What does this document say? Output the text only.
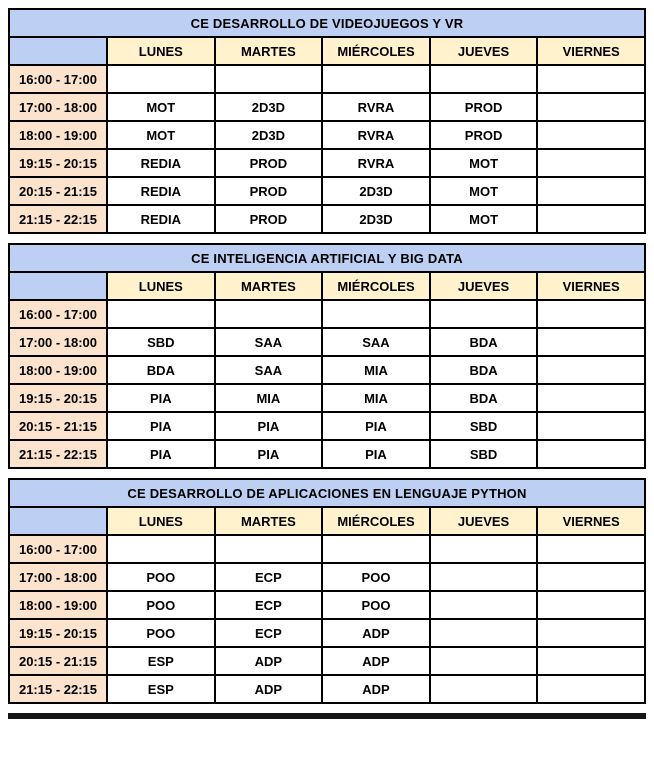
CE DESARROLLO DE VIDEOJUEGOS Y VR					
	LUNES	MARTES	MIÉRCOLES	JUEVES	VIERNES
16:00 - 17:00					
17:00 - 18:00	MOT	2D3D	RVRA	PROD	
18:00 - 19:00	MOT	2D3D	RVRA	PROD	
19:15 - 20:15	REDIA	PROD	RVRA	MOT	
20:15 - 21:15	REDIA	PROD	2D3D	MOT	
21:15 - 22:15	REDIA	PROD	2D3D	MOT	
CE INTELIGENCIA ARTIFICIAL Y BIG DATA					
	LUNES	MARTES	MIÉRCOLES	JUEVES	VIERNES
16:00 - 17:00					
17:00 - 18:00	SBD	SAA	SAA	BDA	
18:00 - 19:00	BDA	SAA	MIA	BDA	
19:15 - 20:15	PIA	MIA	MIA	BDA	
20:15 - 21:15	PIA	PIA	PIA	SBD	
21:15 - 22:15	PIA	PIA	PIA	SBD	
CE DESARROLLO DE APLICACIONES EN LENGUAJE PYTHON					
	LUNES	MARTES	MIÉRCOLES	JUEVES	VIERNES
16:00 - 17:00					
17:00 - 18:00	POO	ECP	POO		
18:00 - 19:00	POO	ECP	POO		
19:15 - 20:15	POO	ECP	ADP		
20:15 - 21:15	ESP	ADP	ADP		
21:15 - 22:15	ESP	ADP	ADP		
